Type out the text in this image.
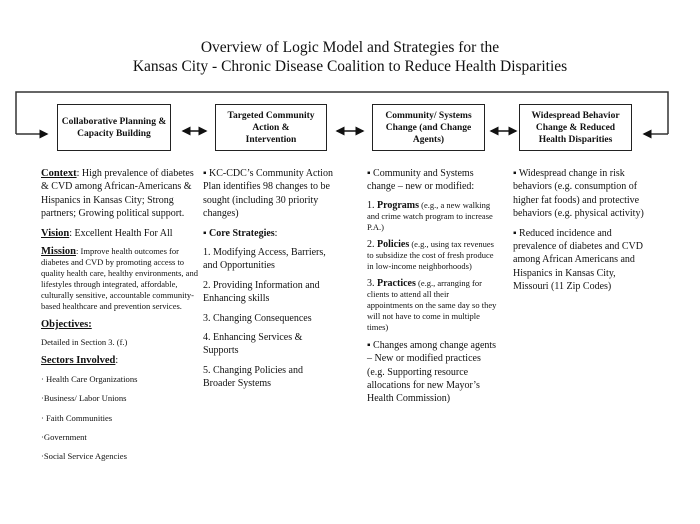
Overview of Logic Model and Strategies for the
Kansas City - Chronic Disease Coalition to Reduce Health Disparities
Collaborative Planning &
Capacity Building
Targeted Community
Action &
Intervention
Community/ Systems
Change (and Change
Agents)
Widespread Behavior
Change & Reduced
Health Disparities

Context: High prevalence of diabetes & CVD among African-Americans & Hispanics in Kansas City; Strong partners; Growing political support.

Vision: Excellent Health For All

Mission: Improve health outcomes for diabetes and CVD by promoting access to quality health care, healthy environments, and lifestyles through integrated, affordable, culturally sensitive, accountable community-based healthcare and prevention services.

Objectives:

Detailed in Section 3. (f.)

Sectors Involved:

· Health Care Organizations

·Business/ Labor Unions

· Faith Communities

·Government

·Social Service Agencies

▪ KC-CDC’s Community Action Plan identifies 98 changes to be sought (including 30 priority changes)

▪ Core Strategies:

1. Modifying Access, Barriers, and Opportunities

2. Providing Information and Enhancing skills

3. Changing Consequences

4. Enhancing Services & Supports

5. Changing Policies and Broader Systems

▪ Community and Systems change – new or modified:

1. Programs (e.g., a new walking and crime watch program to increase P.A.)

2. Policies (e.g., using tax revenues to subsidize the cost of fresh produce in low-income neighborhoods)

3. Practices (e.g., arranging for clients to attend all their appointments on the same day so they will not have to come in multiple times)

▪ Changes among change agents – New or modified practices (e.g. Supporting resource allocations for new Mayor’s Health Commission)

▪ Widespread change in risk behaviors (e.g. consumption of higher fat foods) and protective behaviors (e.g. physical activity)

▪ Reduced incidence and prevalence of diabetes and CVD among African Americans and Hispanics in Kansas City, Missouri (11 Zip Codes)
